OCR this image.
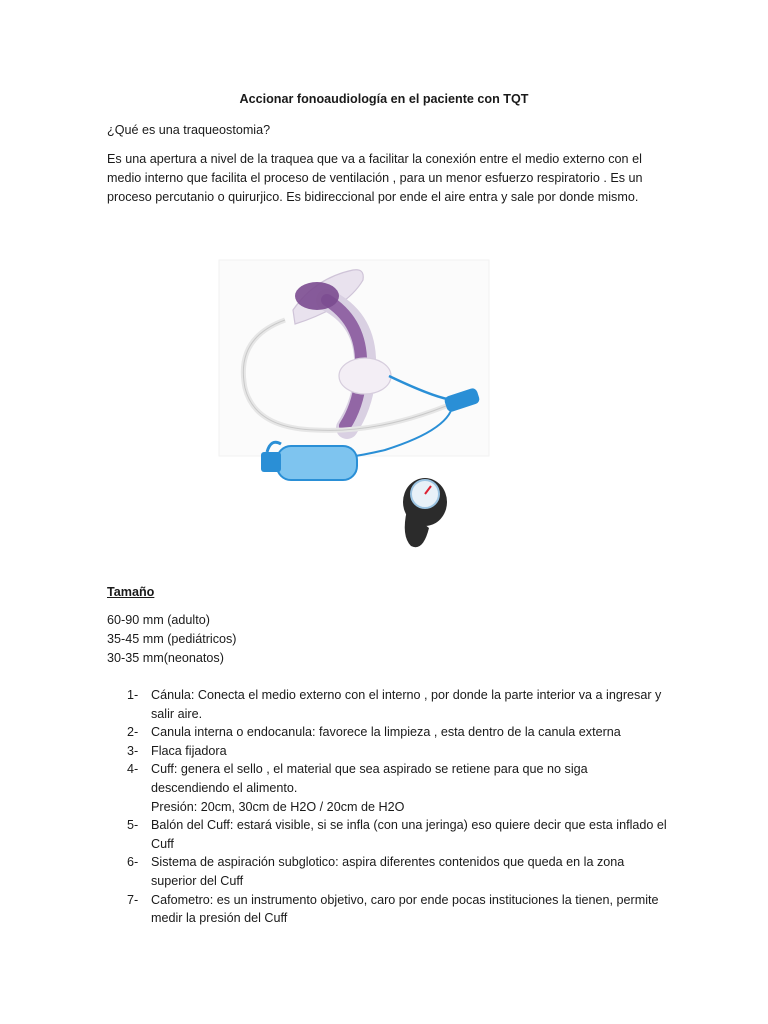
Accionar fonoaudiología en el paciente con TQT
¿Qué es una traqueostomia?
Es una apertura a nivel de la traquea que va a facilitar la conexión entre el medio externo con el medio interno que facilita el proceso de ventilación , para un menor esfuerzo respiratorio . Es un proceso percutanio o quirurjico. Es bidireccional por ende el aire entra y sale por donde mismo.
Tamaño
60-90 mm (adulto)
35-45 mm (pediátricos)
30-35 mm(neonatos)
1-	Cánula: Conecta el medio externo con el interno , por donde la parte interior va a ingresar y salir aire.
2-	Canula interna o endocanula: favorece la limpieza , esta dentro de la canula externa
3-	Flaca fijadora
4-	Cuff: genera el sello , el material que sea aspirado se retiene para que no siga descendiendo el alimento.
Presión: 20cm, 30cm de H2O / 20cm de H2O
5-	Balón del Cuff: estará visible, si se infla (con una jeringa) eso quiere decir que esta inflado el Cuff
6-	Sistema de aspiración subglotico: aspira diferentes contenidos que queda en la zona superior del Cuff
7-	Cafometro: es un instrumento objetivo, caro por ende pocas instituciones la tienen, permite medir la presión del Cuff
